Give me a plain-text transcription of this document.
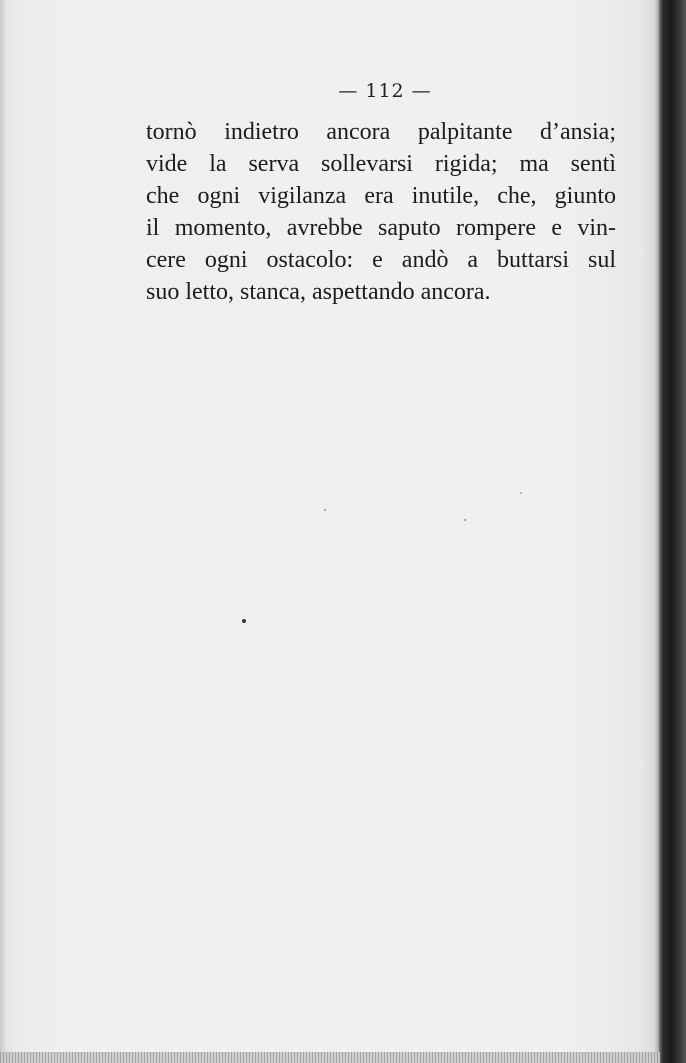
— 112 —
tornò indietro ancora palpitante d’ansia;
vide la serva sollevarsi rigida; ma sentì
che ogni vigilanza era inutile, che, giunto
il momento, avrebbe saputo rompere e vin-
cere ogni ostacolo: e andò a buttarsi sul
suo letto, stanca, aspettando ancora.
